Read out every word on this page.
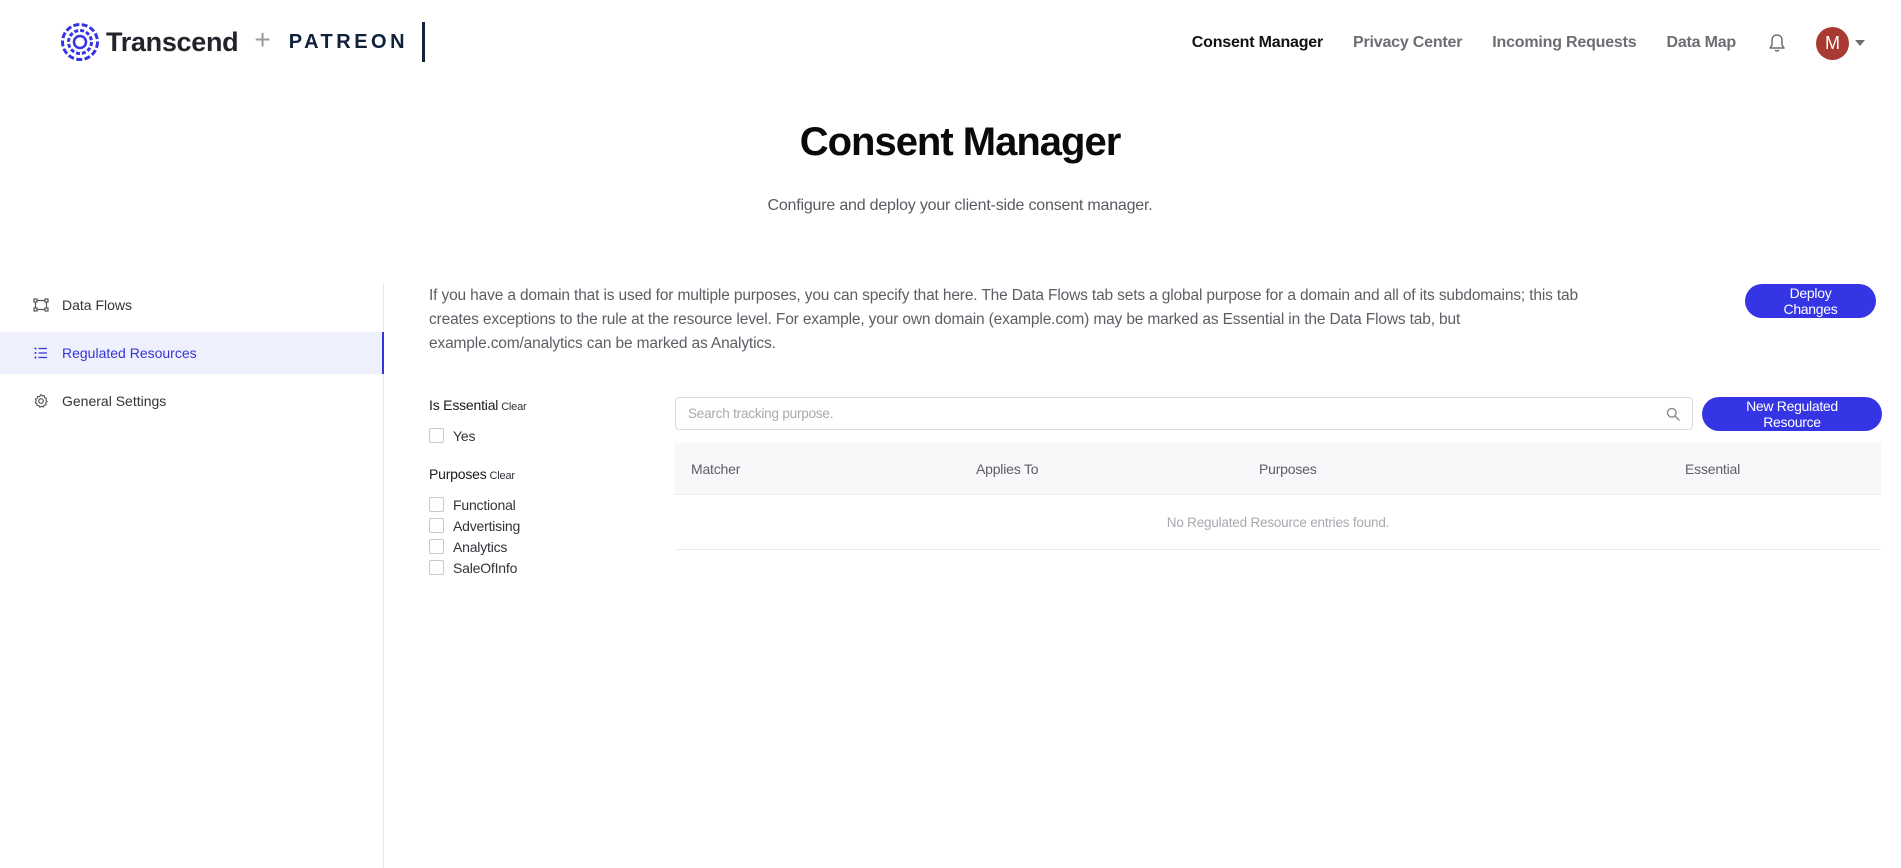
Transcend + PATREON	Consent Manager Privacy Center Incoming Requests Data Map	M
Consent Manager

Configure and deploy your client-side consent manager.

Data Flows
Regulated Resources
General Settings

If you have a domain that is used for multiple purposes, you can specify that here. The Data Flows tab sets a global purpose for a domain and all of its subdomains; this tab creates exceptions to the rule at the resource level. For example, your own domain (example.com) may be marked as Essential in the Data Flows tab, but example.com/analytics can be marked as Analytics.

Deploy Changes
Is Essential Clear
Yes
Purposes Clear
Functional
Advertising
Analytics
SaleOfInfo
Search tracking purpose.
New Regulated Resource
Matcher	Applies To	Purposes	Essential
No Regulated Resource entries found.
